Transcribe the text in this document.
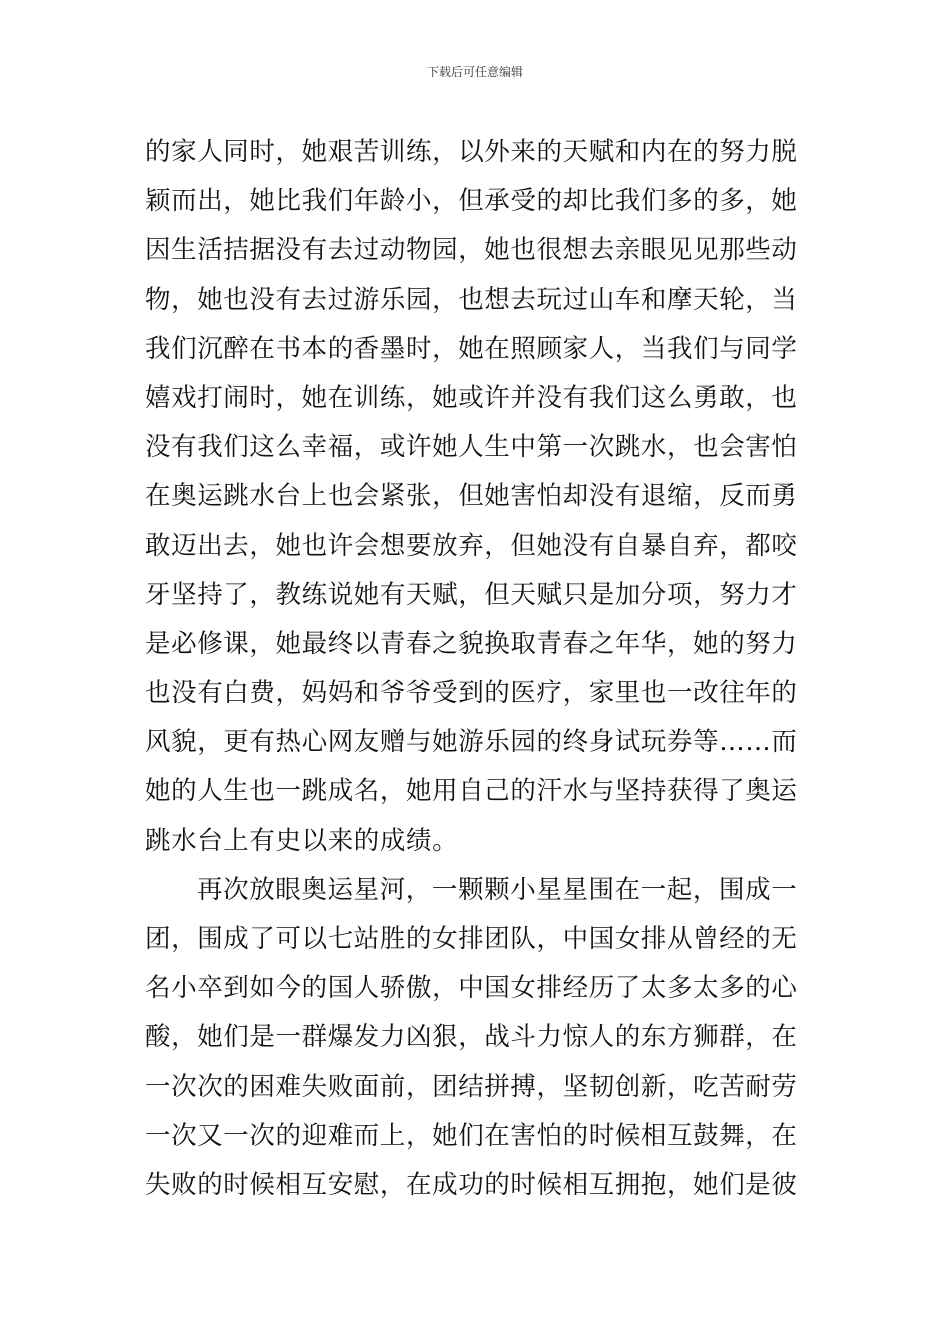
下载后可任意编辑
的家人同时，她艰苦训练，以外来的天赋和内在的努力脱
颖而出，她比我们年龄小，但承受的却比我们多的多，她
因生活拮据没有去过动物园，她也很想去亲眼见见那些动
物，她也没有去过游乐园，也想去玩过山车和摩天轮，当
我们沉醉在书本的香墨时，她在照顾家人，当我们与同学
嬉戏打闹时，她在训练，她或许并没有我们这么勇敢，也
没有我们这么幸福，或许她人生中第一次跳水，也会害怕
在奥运跳水台上也会紧张，但她害怕却没有退缩，反而勇
敢迈出去，她也许会想要放弃，但她没有自暴自弃，都咬
牙坚持了，教练说她有天赋，但天赋只是加分项，努力才
是必修课，她最终以青春之貌换取青春之年华，她的努力
也没有白费，妈妈和爷爷受到的医疗，家里也一改往年的
风貌，更有热心网友赠与她游乐园的终身试玩券等……而
她的人生也一跳成名，她用自己的汗水与坚持获得了奥运
跳水台上有史以来的成绩。
再次放眼奥运星河，一颗颗小星星围在一起，围成一
团，围成了可以七站胜的女排团队，中国女排从曾经的无
名小卒到如今的国人骄傲，中国女排经历了太多太多的心
酸，她们是一群爆发力凶狠，战斗力惊人的东方狮群，在
一次次的困难失败面前，团结拼搏，坚韧创新，吃苦耐劳
一次又一次的迎难而上，她们在害怕的时候相互鼓舞，在
失败的时候相互安慰，在成功的时候相互拥抱，她们是彼
